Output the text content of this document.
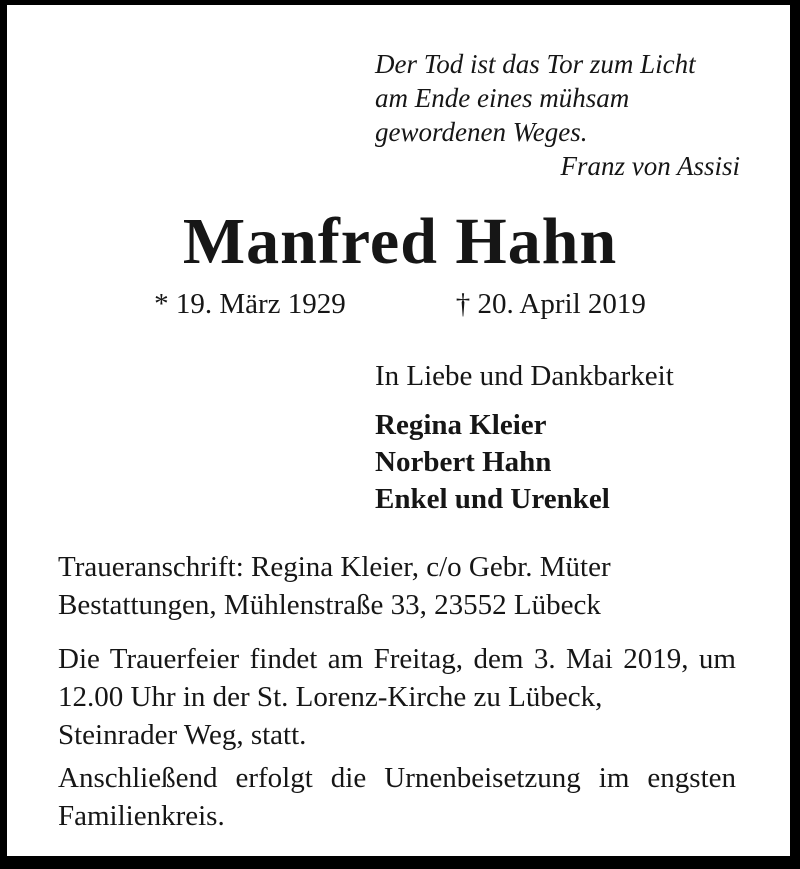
Der Tod ist das Tor zum Licht
am Ende eines mühsam
gewordenen Weges.
Franz von Assisi
Manfred Hahn
* 19. März 1929	† 20. April 2019
In Liebe und Dankbarkeit
Regina Kleier
Norbert Hahn
Enkel und Urenkel
Traueranschrift: Regina Kleier, c/o Gebr. Müter
Bestattungen, Mühlenstraße 33, 23552 Lübeck
Die Trauerfeier findet am Freitag, dem 3. Mai 2019, um
12.00 Uhr in der St. Lorenz-Kirche zu Lübeck,
Steinrader Weg, statt.
Anschließend erfolgt die Urnenbeisetzung im engsten
Familienkreis.
